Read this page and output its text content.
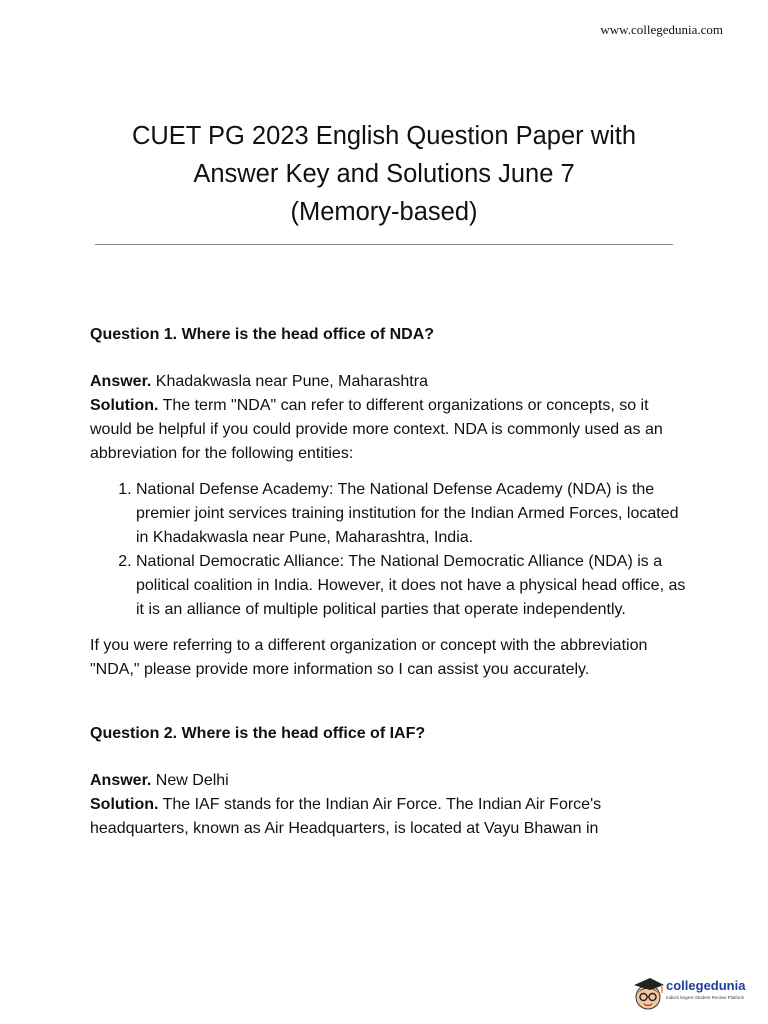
www.collegedunia.com
CUET PG 2023 English Question Paper with
Answer Key and Solutions June 7
(Memory-based)

Question 1. Where is the head office of NDA?

Answer. Khadakwasla near Pune, Maharashtra

Solution. The term "NDA" can refer to different organizations or concepts, so it would be helpful if you could provide more context. NDA is commonly used as an abbreviation for the following entities:

1. National Defense Academy: The National Defense Academy (NDA) is the premier joint services training institution for the Indian Armed Forces, located in Khadakwasla near Pune, Maharashtra, India.
2. National Democratic Alliance: The National Democratic Alliance (NDA) is a political coalition in India. However, it does not have a physical head office, as it is an alliance of multiple political parties that operate independently.

If you were referring to a different organization or concept with the abbreviation "NDA," please provide more information so I can assist you accurately.

Question 2. Where is the head office of IAF?

Answer. New Delhi

Solution. The IAF stands for the Indian Air Force. The Indian Air Force's headquarters, known as Air Headquarters, is located at Vayu Bhawan in

collegedunia
India's largest Student Review Platform
